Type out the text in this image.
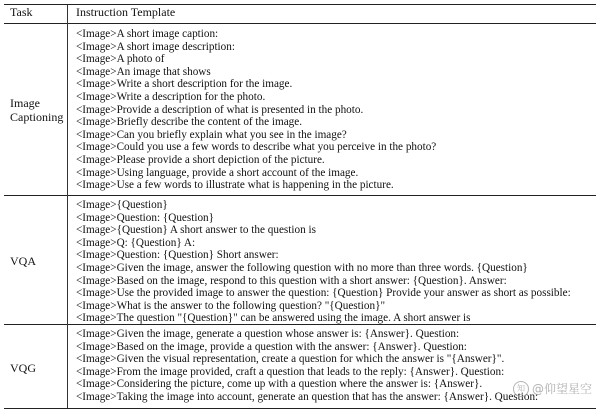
Task	Instruction Template
Image
Captioning
<Image>A short image caption:
<Image>A short image description:
<Image>A photo of
<Image>An image that shows
<Image>Write a short description for the image.
<Image>Write a description for the photo.
<Image>Provide a description of what is presented in the photo.
<Image>Briefly describe the content of the image.
<Image>Can you briefly explain what you see in the image?
<Image>Could you use a few words to describe what you perceive in the photo?
<Image>Please provide a short depiction of the picture.
<Image>Using language, provide a short account of the image.
<Image>Use a few words to illustrate what is happening in the picture.
VQA
<Image>{Question}
<Image>Question: {Question}
<Image>{Question} A short answer to the question is
<Image>Q: {Question} A:
<Image>Question: {Question} Short answer:
<Image>Given the image, answer the following question with no more than three words. {Question}
<Image>Based on the image, respond to this question with a short answer: {Question}. Answer:
<Image>Use the provided image to answer the question: {Question} Provide your answer as short as possible:
<Image>What is the answer to the following question? "{Question}"
<Image>The question "{Question}" can be answered using the image. A short answer is
VQG
<Image>Given the image, generate a question whose answer is: {Answer}. Question:
<Image>Based on the image, provide a question with the answer: {Answer}. Question:
<Image>Given the visual representation, create a question for which the answer is "{Answer}".
<Image>From the image provided, craft a question that leads to the reply: {Answer}. Question:
<Image>Considering the picture, come up with a question where the answer is: {Answer}.
<Image>Taking the image into account, generate an question that has the answer: {Answer}. Question:
知 @仰望星空
